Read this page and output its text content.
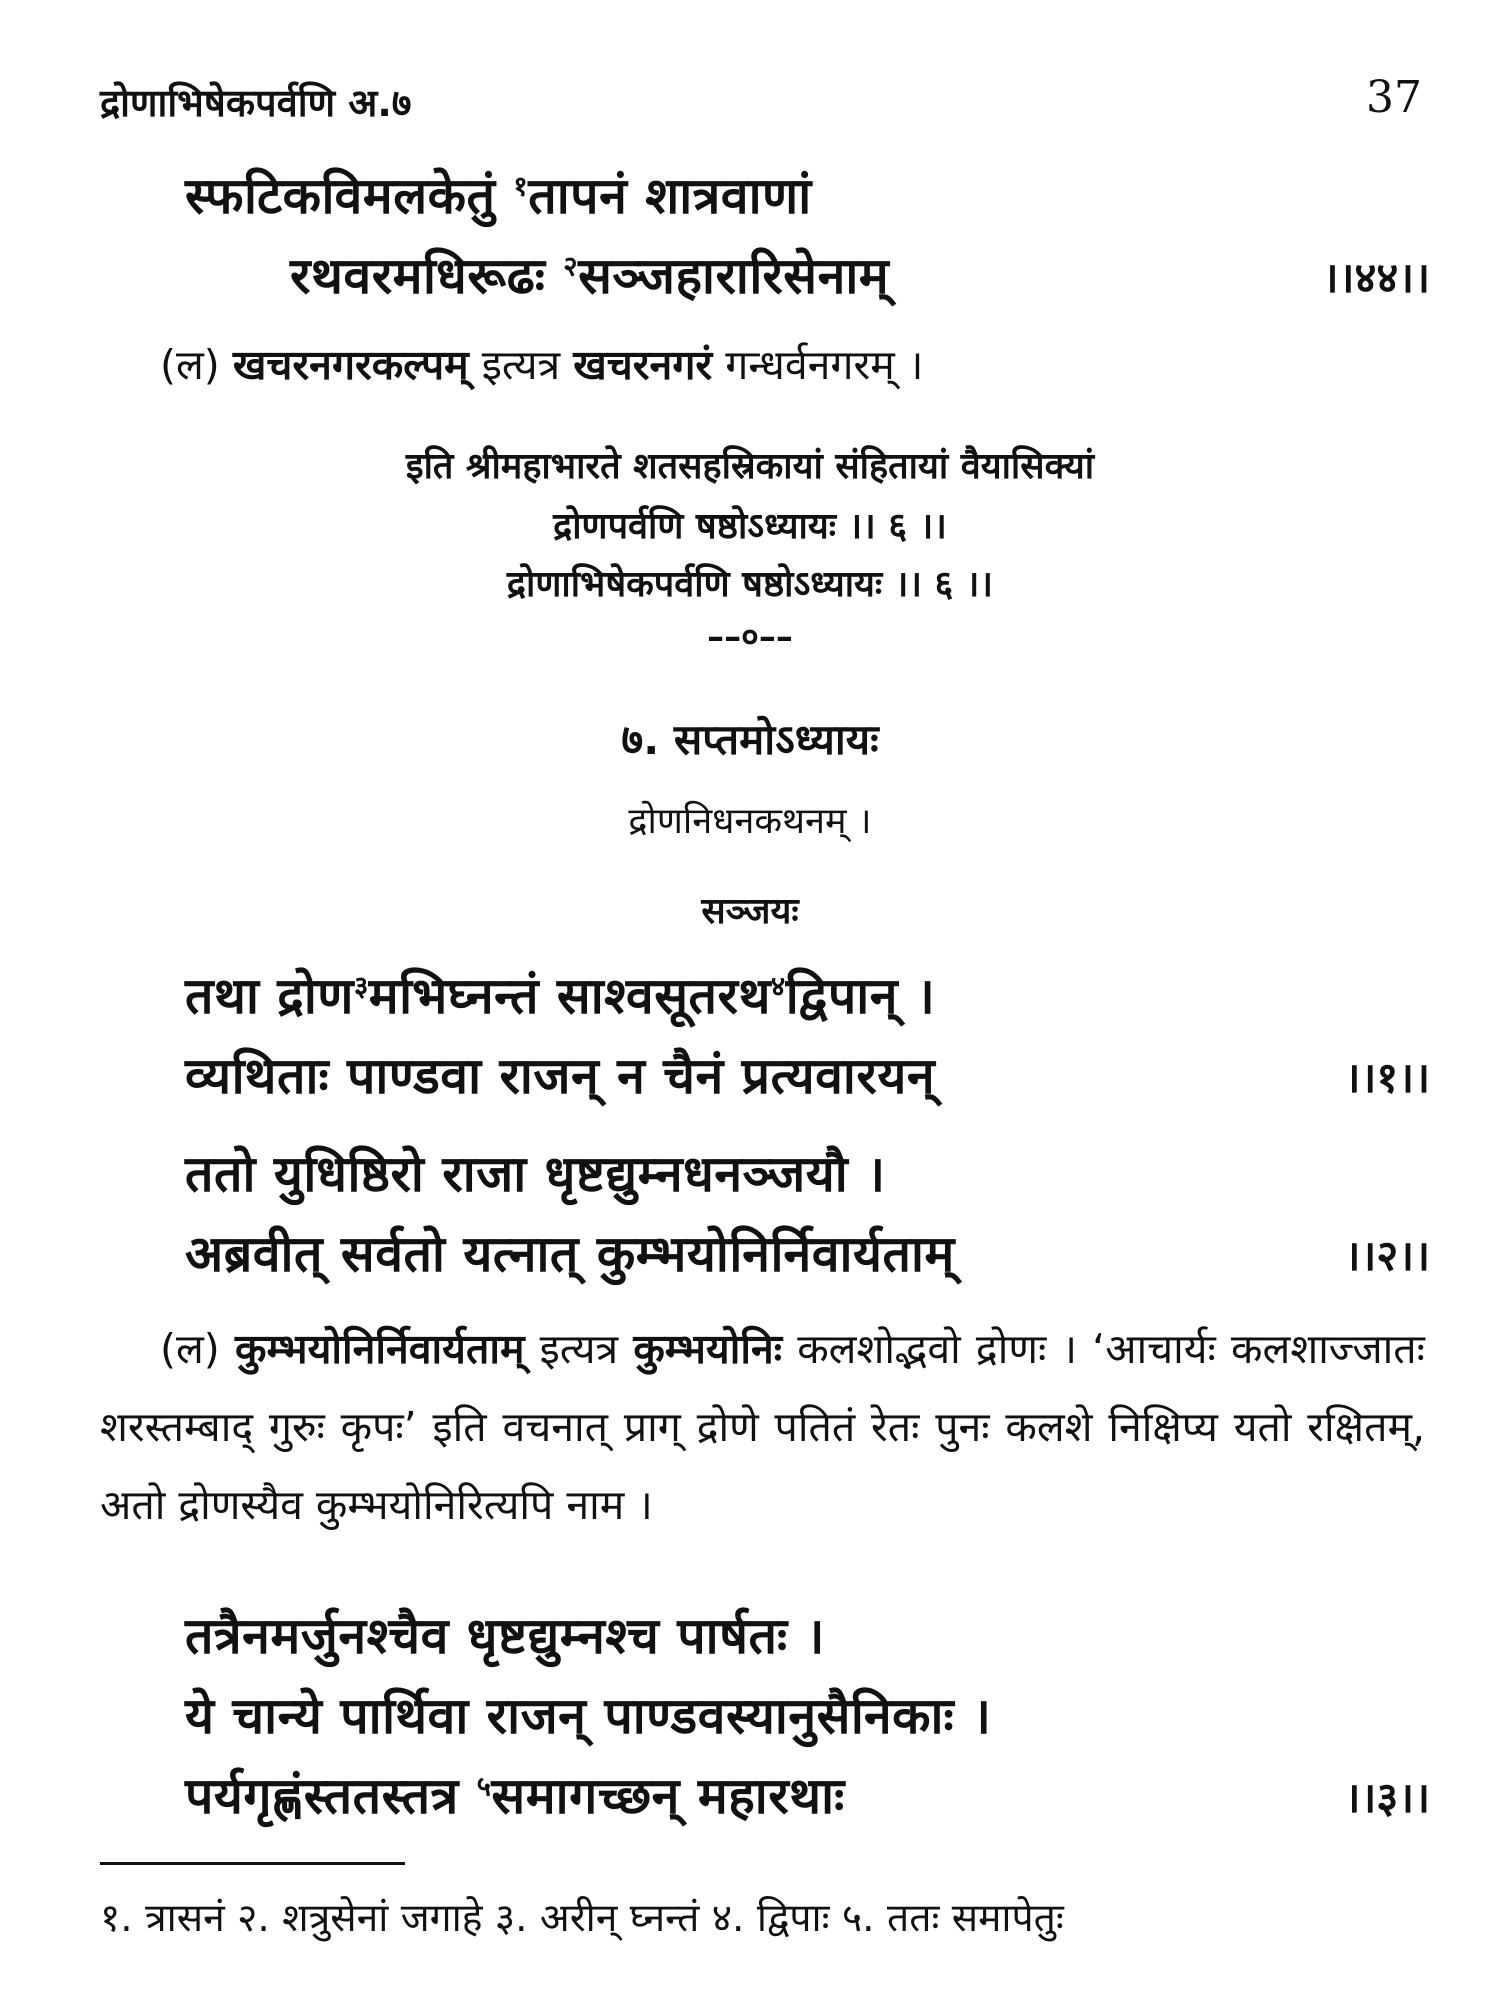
द्रोणाभिषेकपर्वणि अ.७	37
स्फटिकविमलकेतुं $^१$तापनं शात्रवाणां
रथवरमधिरूढः $^२$सञ्जहारारिसेनाम्	।।४४।।
(ल) खचरनगरकल्पम् इत्यत्र खचरनगरं गन्धर्वनगरम् ।
इति श्रीमहाभारते शतसहस्रिकायां संहितायां वैयासिक्यां
द्रोणपर्वणि षष्ठोऽध्यायः ।। ६ ।।
द्रोणाभिषेकपर्वणि षष्ठोऽध्यायः ।। ६ ।।
––०––
७. सप्तमोऽध्यायः
द्रोणनिधनकथनम् ।
सञ्जयः
तथा द्रोण$^३$मभिघ्नन्तं साश्वसूतरथ$^४$द्विपान् ।
व्यथिताः पाण्डवा राजन् न चैनं प्रत्यवारयन्	।।१।।
ततो युधिष्ठिरो राजा धृष्टद्युम्नधनञ्जयौ ।
अब्रवीत् सर्वतो यत्नात् कुम्भयोनिर्निवार्यताम्	।।२।।
(ल) कुम्भयोनिर्निवार्यताम् इत्यत्र कुम्भयोनिः कलशोद्भवो द्रोणः । ‘आचार्यः कलशाज्जातः शरस्तम्बाद् गुरुः कृपः’ इति वचनात् प्राग् द्रोणे पतितं रेतः पुनः कलशे निक्षिप्य यतो रक्षितम्, अतो द्रोणस्यैव कुम्भयोनिरित्यपि नाम ।
तत्रैनमर्जुनश्चैव धृष्टद्युम्नश्च पार्षतः ।
ये चान्ये पार्थिवा राजन् पाण्डवस्यानुसैनिकाः ।
पर्यगृह्णंस्ततस्तत्र $^५$समागच्छन् महारथाः	।।३।।
१. त्रासनं २. शत्रुसेनां जगाहे ३. अरीन् घ्नन्तं ४. द्विपाः ५. ततः समापेतुः
